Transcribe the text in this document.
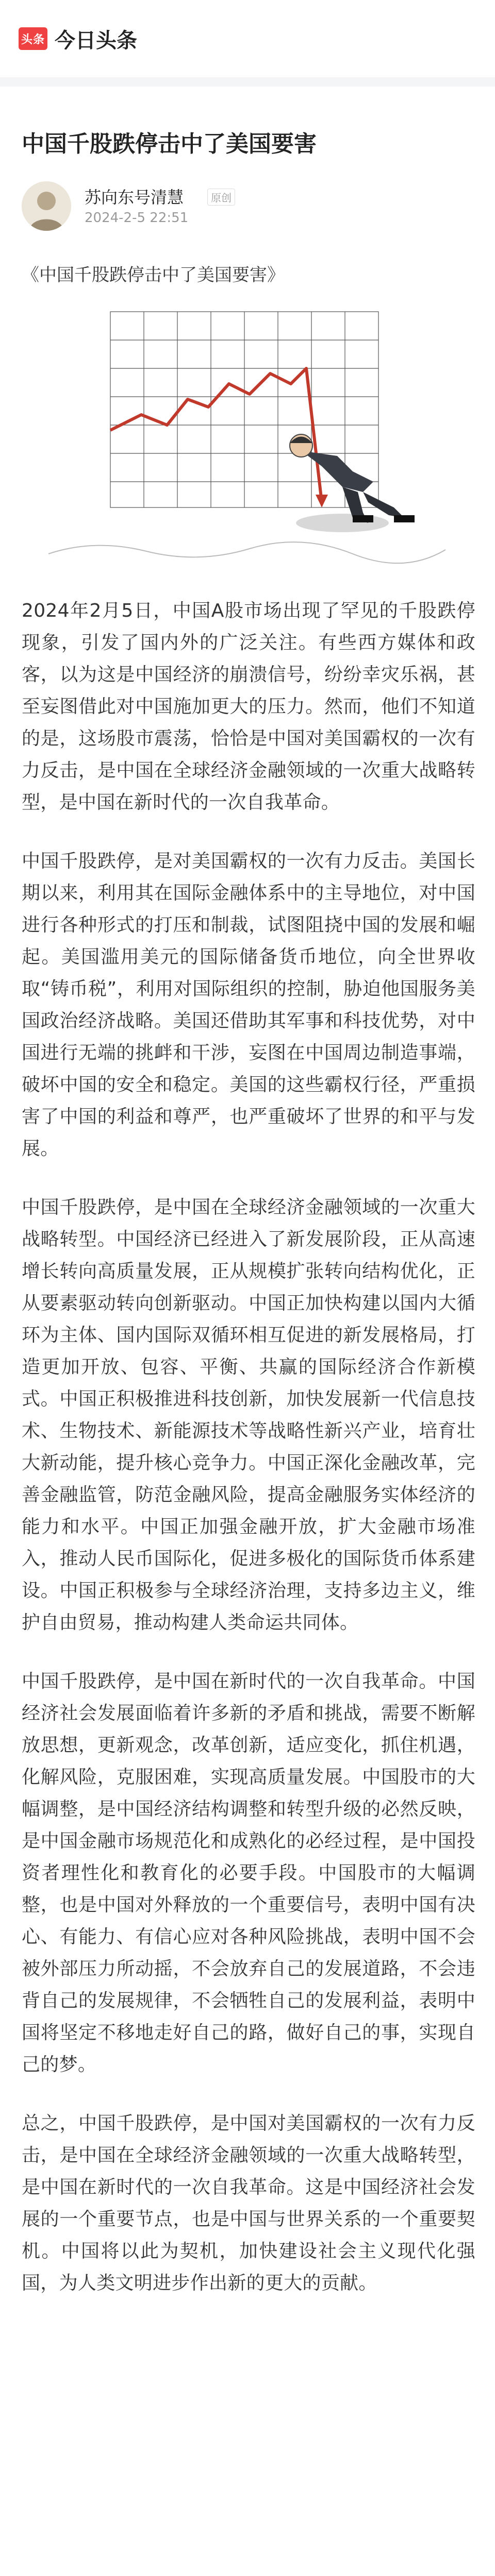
头条 今日头条
中国千股跌停击中了美国要害
苏向东号清慧	原创
2024-2-5 22:51
《中国千股跌停击中了美国要害》

2024年2月5日，中国A股市场出现了罕见的千股跌停现象，引发了国内外的广泛关注。有些西方媒体和政客，以为这是中国经济的崩溃信号，纷纷幸灾乐祸，甚至妄图借此对中国施加更大的压力。然而，他们不知道的是，这场股市震荡，恰恰是中国对美国霸权的一次有力反击，是中国在全球经济金融领域的一次重大战略转型，是中国在新时代的一次自我革命。

中国千股跌停，是对美国霸权的一次有力反击。美国长期以来，利用其在国际金融体系中的主导地位，对中国进行各种形式的打压和制裁，试图阻挠中国的发展和崛起。美国滥用美元的国际储备货币地位，向全世界收取“铸币税”，利用对国际组织的控制，胁迫他国服务美国政治经济战略。美国还借助其军事和科技优势，对中国进行无端的挑衅和干涉，妄图在中国周边制造事端，破坏中国的安全和稳定。美国的这些霸权行径，严重损害了中国的利益和尊严，也严重破坏了世界的和平与发展。

中国千股跌停，是中国在全球经济金融领域的一次重大战略转型。中国经济已经进入了新发展阶段，正从高速增长转向高质量发展，正从规模扩张转向结构优化，正从要素驱动转向创新驱动。中国正加快构建以国内大循环为主体、国内国际双循环相互促进的新发展格局，打造更加开放、包容、平衡、共赢的国际经济合作新模式。中国正积极推进科技创新，加快发展新一代信息技术、生物技术、新能源技术等战略性新兴产业，培育壮大新动能，提升核心竞争力。中国正深化金融改革，完善金融监管，防范金融风险，提高金融服务实体经济的能力和水平。中国正加强金融开放，扩大金融市场准入，推动人民币国际化，促进多极化的国际货币体系建设。中国正积极参与全球经济治理，支持多边主义，维护自由贸易，推动构建人类命运共同体。

中国千股跌停，是中国在新时代的一次自我革命。中国经济社会发展面临着许多新的矛盾和挑战，需要不断解放思想，更新观念，改革创新，适应变化，抓住机遇，化解风险，克服困难，实现高质量发展。中国股市的大幅调整，是中国经济结构调整和转型升级的必然反映，是中国金融市场规范化和成熟化的必经过程，是中国投资者理性化和教育化的必要手段。中国股市的大幅调整，也是中国对外释放的一个重要信号，表明中国有决心、有能力、有信心应对各种风险挑战，表明中国不会被外部压力所动摇，不会放弃自己的发展道路，不会违背自己的发展规律，不会牺牲自己的发展利益，表明中国将坚定不移地走好自己的路，做好自己的事，实现自己的梦。

总之，中国千股跌停，是中国对美国霸权的一次有力反击，是中国在全球经济金融领域的一次重大战略转型，是中国在新时代的一次自我革命。这是中国经济社会发展的一个重要节点，也是中国与世界关系的一个重要契机。中国将以此为契机，加快建设社会主义现代化强国，为人类文明进步作出新的更大的贡献。
